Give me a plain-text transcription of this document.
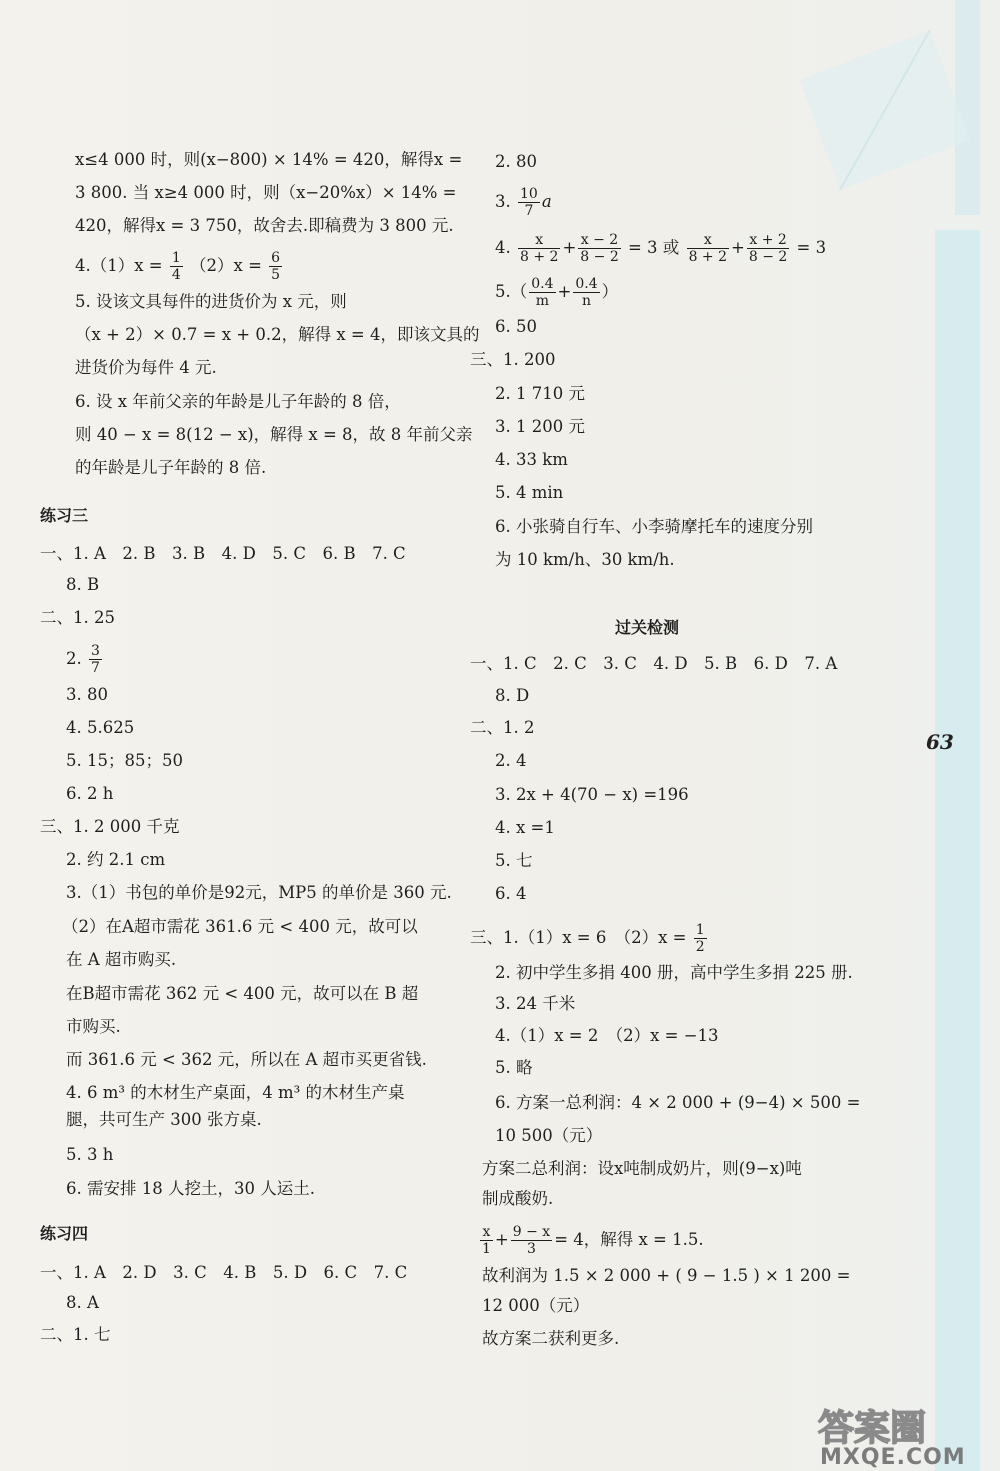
63
x≤4 000 时，则(x−800) × 14% = 420，解得x =
3 800. 当 x≥4 000 时，则（x−20%x）× 14% =
420，解得x = 3 750，故舍去.即稿费为 3 800 元.
$4.(1)x = \frac{1}{4} (2)x = \frac{6}{5}$
5. 设该文具每件的进货价为 x 元，则
（x + 2）× 0.7 = x + 0.2，解得 x = 4，即该文具的
进货价为每件 4 元.
6. 设 x 年前父亲的年龄是儿子年龄的 8 倍，
则 40 − x = 8(12 − x)，解得 x = 8，故 8 年前父亲
的年龄是儿子年龄的 8 倍.
练习三
一、1. A　2. B　3. B　4. D　5. C　6. B　7. C
8. B
二、1. 25
2. $\frac{3}{7}$
3. 80
4. 5.625
5. 15；85；50
6. 2 h
三、1. 2 000 千克
2. 约 2.1 cm
3.（1）书包的单价是92元，MP5 的单价是 360 元.
（2）在A超市需花 361.6 元 < 400 元，故可以
在 A 超市购买.
在B超市需花 362 元 < 400 元，故可以在 B 超
市购买.
而 361.6 元 < 362 元，所以在 A 超市买更省钱.
4. 6 m³ 的木材生产桌面，4 m³ 的木材生产桌
腿，共可生产 300 张方桌.
5. 3 h
6. 需安排 18 人挖土，30 人运土.
练习四
一、1. A　2. D　3. C　4. B　5. D　6. C　7. C
8. A
二、1. 七
2. 80
3. $\frac{10}{7}$ a
4. $\frac{x}{8 + 2} + \frac{x - 2}{8 - 2} = 3$ 或 $\frac{x}{8 + 2} + \frac{x + 2}{8 - 2} = 3$
$5.( \frac{0.4}{m} + \frac{0.4}{n}$ ）
6. 50
三、1. 200
2. 1 710 元
3. 1 200 元
4. 33 km
5. 4 min
6. 小张骑自行车、小李骑摩托车的速度分别
为 10 km/h、30 km/h.
过关检测
一、1. C　2. C　3. C　4. D　5. B　6. D　7. A
8. D
二、1. 2
2. 4
3. 2x + 4(70 − x) =196
4. x =1
5. 七
6. 4
三、1.（1）x = 6　$(2)x = \frac{1}{2}$
2. 初中学生多捐 400 册，高中学生多捐 225 册.
3. 24 千米
4.（1）x = 2　（2）x = −13
5. 略
6. 方案一总利润：4 × 2 000 + (9−4) × 500 =
10 500（元）
方案二总利润：设x吨制成奶片，则(9−x)吨
制成酸奶.
$\frac{x}{1} + \frac{9 - x}{3} = 4$，解得 x = 1.5.
故利润为 1.5 × 2 000 + ( 9 − 1.5 ) × 1 200 =
12 000（元）
故方案二获利更多.
答案圈
MXQE.COM
